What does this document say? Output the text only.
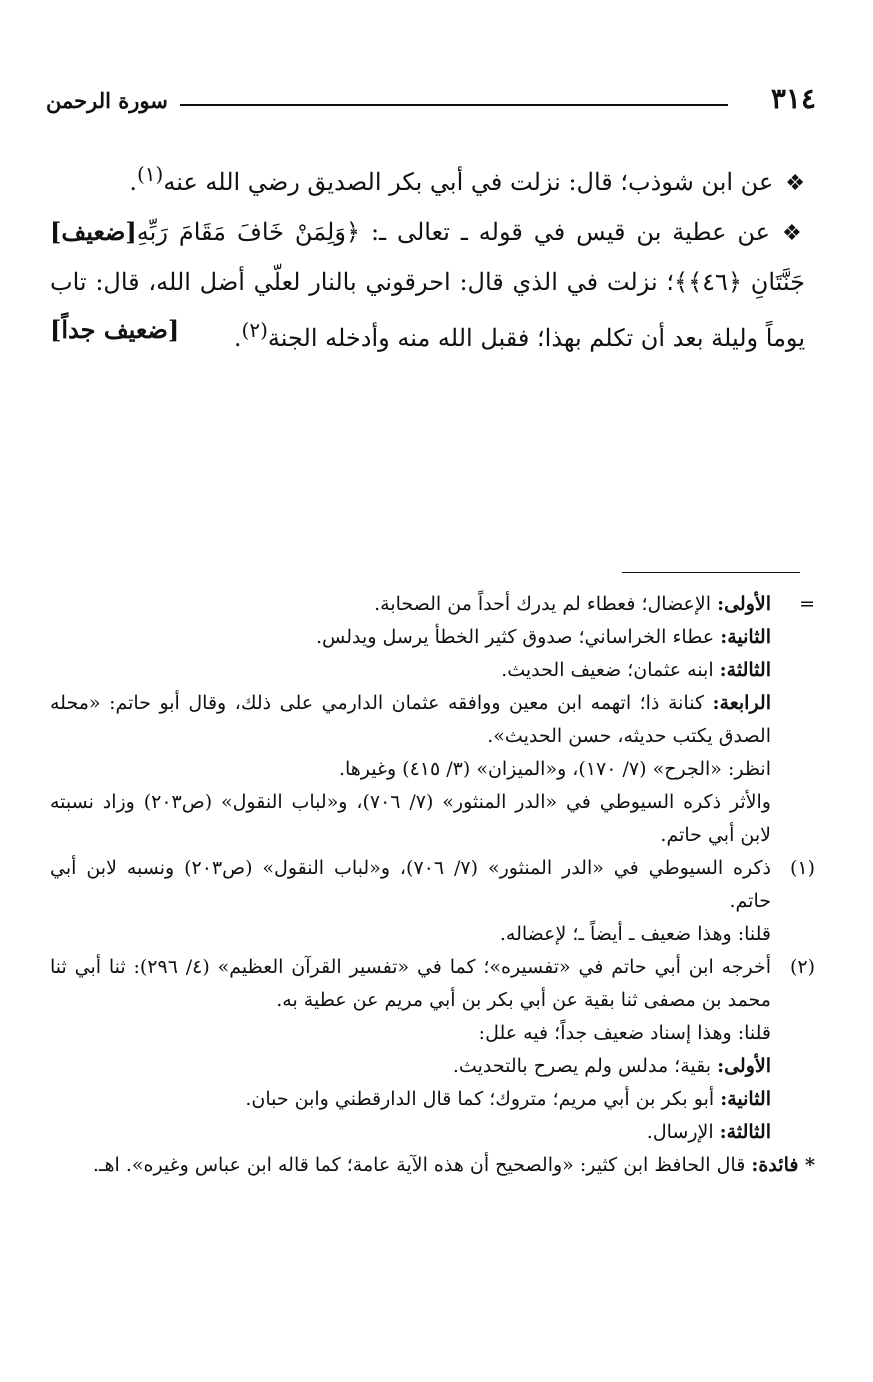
٣١٤
سورة الرحمن

❖عن ابن شوذب؛ قال: نزلت في أبي بكر الصديق رضي الله عنه$^{(١)}$.
[ضعيف]	❖عن عطية بن قيس في قوله ـ تعالى ـ: ﴿وَلِمَنْ خَافَ مَقَامَ رَبِّهِ جَنَّتَانِ ﴿٤٦﴾﴾؛ نزلت في الذي قال: احرقوني بالنار لعلّي أضل الله، قال: تاب يوماً وليلة بعد أن تكلم بهذا؛ فقبل الله منه وأدخله الجنة$^{(٢)}$.
[ضعيف جداً]

=

الأولى: الإعضال؛ فعطاء لم يدرك أحداً من الصحابة.

الثانية: عطاء الخراساني؛ صدوق كثير الخطأ يرسل ويدلس.

الثالثة: ابنه عثمان؛ ضعيف الحديث.

الرابعة: كنانة ذا؛ اتهمه ابن معين ووافقه عثمان الدارمي على ذلك، وقال أبو حاتم: «محله الصدق يكتب حديثه، حسن الحديث».

انظر: «الجرح» (٧/ ١٧٠)، و«الميزان» (٣/ ٤١٥) وغيرها.

والأثر ذكره السيوطي في «الدر المنثور» (٧/ ٧٠٦)، و«لباب النقول» (ص٢٠٣) وزاد نسبته لابن أبي حاتم.

(١)

ذكره السيوطي في «الدر المنثور» (٧/ ٧٠٦)، و«لباب النقول» (ص٢٠٣) ونسبه لابن أبي حاتم.

قلنا: وهذا ضعيف ـ أيضاً ـ؛ لإعضاله.

(٢)

أخرجه ابن أبي حاتم في «تفسيره»؛ كما في «تفسير القرآن العظيم» (٤/ ٢٩٦): ثنا أبي ثنا محمد بن مصفى ثنا بقية عن أبي بكر بن أبي مريم عن عطية به.

قلنا: وهذا إسناد ضعيف جداً؛ فيه علل:

الأولى: بقية؛ مدلس ولم يصرح بالتحديث.

الثانية: أبو بكر بن أبي مريم؛ متروك؛ كما قال الدارقطني وابن حبان.

الثالثة: الإرسال.

* فائدة: قال الحافظ ابن كثير: «والصحيح أن هذه الآية عامة؛ كما قاله ابن عباس وغيره». اهـ.
